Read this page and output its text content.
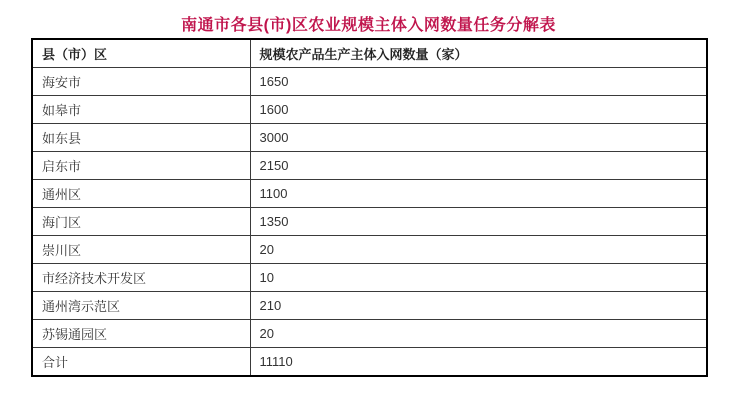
南通市各县(市)区农业规模主体入网数量任务分解表
县（市）区	规模农产品生产主体入网数量（家）
海安市	1650
如皋市	1600
如东县	3000
启东市	2150
通州区	1100
海门区	1350
崇川区	20
市经济技术开发区	10
通州湾示范区	210
苏锡通园区	20
合计	11110
